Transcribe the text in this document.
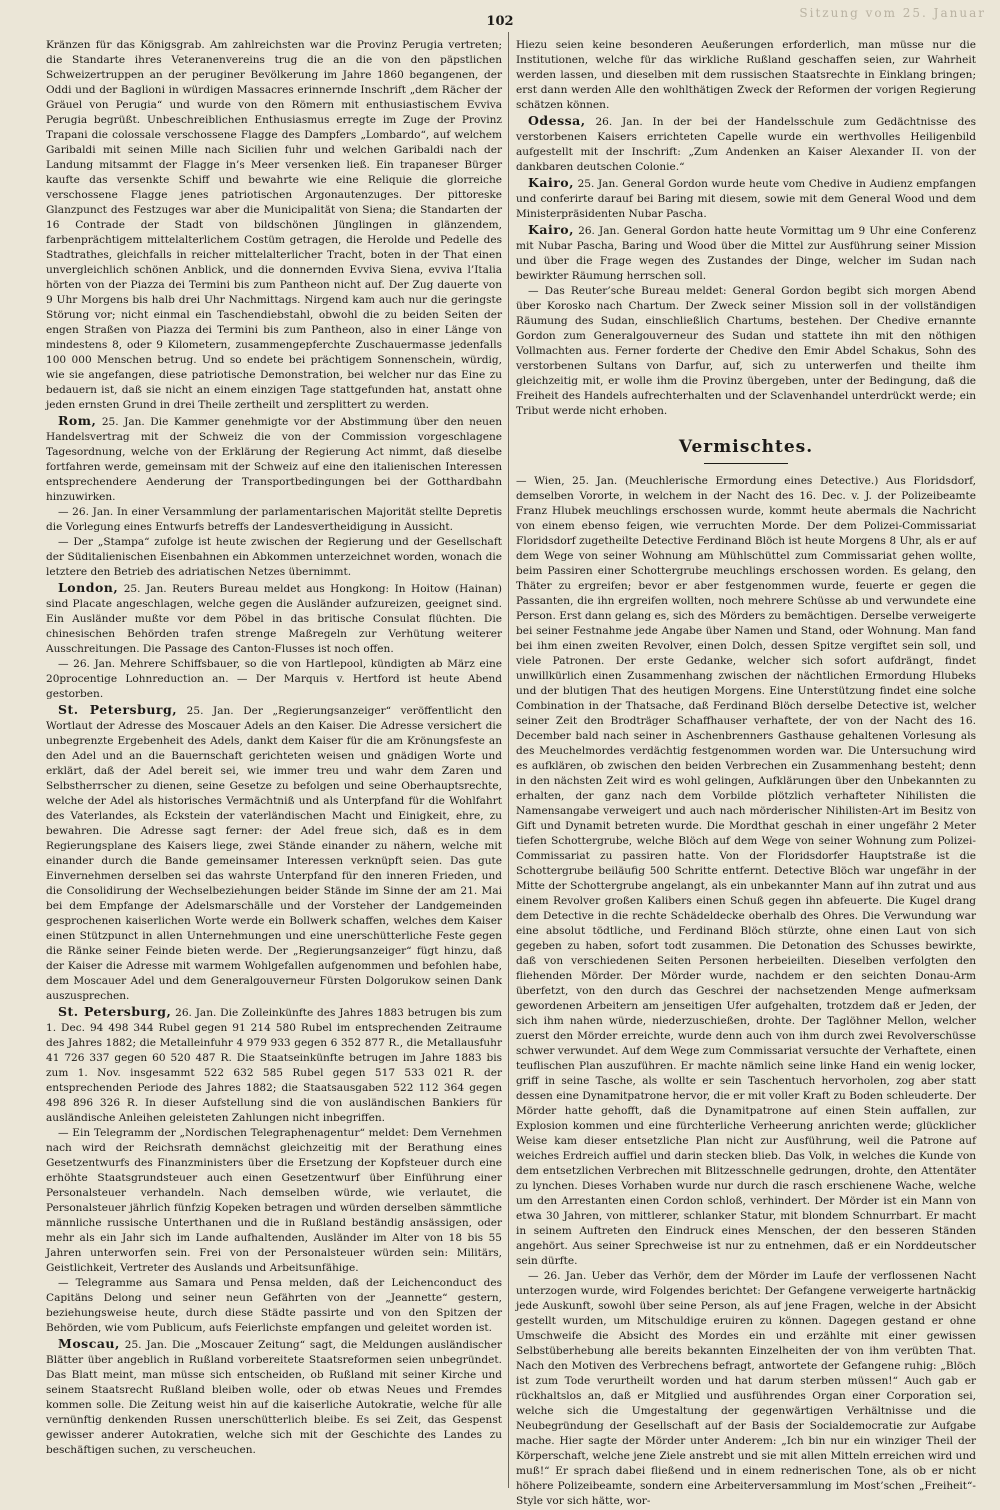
Sitzung vom 25. Januar
102

Kränzen für das Königsgrab. Am zahlreichsten war die Provinz Perugia vertreten; die Standarte ihres Veteranenvereins trug die an die von den päpstlichen Schweizertruppen an der peruginer Bevölkerung im Jahre 1860 begangenen, der Oddi und der Baglioni in würdigen Massacres erinnernde Inschrift „dem Rächer der Gräuel von Perugia“ und wurde von den Römern mit enthusiastischem Evviva Perugia begrüßt. Unbeschreiblichen Enthusiasmus erregte im Zuge der Provinz Trapani die colossale verschossene Flagge des Dampfers „Lombardo“, auf welchem Garibaldi mit seinen Mille nach Sicilien fuhr und welchen Garibaldi nach der Landung mitsammt der Flagge in’s Meer versenken ließ. Ein trapaneser Bürger kaufte das versenkte Schiff und bewahrte wie eine Reliquie die glorreiche verschossene Flagge jenes patriotischen Argonautenzuges. Der pittoreske Glanzpunct des Festzuges war aber die Municipalität von Siena; die Standarten der 16 Contrade der Stadt von bildschönen Jünglingen in glänzendem, farbenprächtigem mittelalterlichem Costüm getragen, die Herolde und Pedelle des Stadtrathes, gleichfalls in reicher mittelalterlicher Tracht, boten in der That einen unvergleichlich schönen Anblick, und die donnernden Evviva Siena, evviva l’Italia hörten von der Piazza dei Termini bis zum Pantheon nicht auf. Der Zug dauerte von 9 Uhr Morgens bis halb drei Uhr Nachmittags. Nirgend kam auch nur die geringste Störung vor; nicht einmal ein Taschendiebstahl, obwohl die zu beiden Seiten der engen Straßen von Piazza dei Termini bis zum Pantheon, also in einer Länge von mindestens 8, oder 9 Kilometern, zusammengepferchte Zuschauermasse jedenfalls 100 000 Menschen betrug. Und so endete bei prächtigem Sonnenschein, würdig, wie sie angefangen, diese patriotische Demonstration, bei welcher nur das Eine zu bedauern ist, daß sie nicht an einem einzigen Tage stattgefunden hat, anstatt ohne jeden ernsten Grund in drei Theile zertheilt und zersplittert zu werden.

Rom, 25. Jan. Die Kammer genehmigte vor der Abstimmung über den neuen Handelsvertrag mit der Schweiz die von der Commission vorgeschlagene Tagesordnung, welche von der Erklärung der Regierung Act nimmt, daß dieselbe fortfahren werde, gemeinsam mit der Schweiz auf eine den italienischen Interessen entsprechendere Aenderung der Transportbedingungen bei der Gotthardbahn hinzuwirken.

— 26. Jan. In einer Versammlung der parlamentarischen Majorität stellte Depretis die Vorlegung eines Entwurfs betreffs der Landesvertheidigung in Aussicht.

— Der „Stampa“ zufolge ist heute zwischen der Regierung und der Gesellschaft der Süditalienischen Eisenbahnen ein Abkommen unterzeichnet worden, wonach die letztere den Betrieb des adriatischen Netzes übernimmt.

London, 25. Jan. Reuters Bureau meldet aus Hongkong: In Hoitow (Hainan) sind Placate angeschlagen, welche gegen die Ausländer aufzureizen, geeignet sind. Ein Ausländer mußte vor dem Pöbel in das britische Consulat flüchten. Die chinesischen Behörden trafen strenge Maßregeln zur Verhütung weiterer Ausschreitungen. Die Passage des Canton-Flusses ist noch offen.

— 26. Jan. Mehrere Schiffsbauer, so die von Hartlepool, kündigten ab März eine 20procentige Lohnreduction an. — Der Marquis v. Hertford ist heute Abend gestorben.

St. Petersburg, 25. Jan. Der „Regierungsanzeiger“ veröffentlicht den Wortlaut der Adresse des Moscauer Adels an den Kaiser. Die Adresse versichert die unbegrenzte Ergebenheit des Adels, dankt dem Kaiser für die am Krönungsfeste an den Adel und an die Bauernschaft gerichteten weisen und gnädigen Worte und erklärt, daß der Adel bereit sei, wie immer treu und wahr dem Zaren und Selbstherrscher zu dienen, seine Gesetze zu befolgen und seine Oberhauptsrechte, welche der Adel als historisches Vermächtniß und als Unterpfand für die Wohlfahrt des Vaterlandes, als Eckstein der vaterländischen Macht und Einigkeit, ehre, zu bewahren. Die Adresse sagt ferner: der Adel freue sich, daß es in dem Regierungsplane des Kaisers liege, zwei Stände einander zu nähern, welche mit einander durch die Bande gemeinsamer Interessen verknüpft seien. Das gute Einvernehmen derselben sei das wahrste Unterpfand für den inneren Frieden, und die Consolidirung der Wechselbeziehungen beider Stände im Sinne der am 21. Mai bei dem Empfange der Adelsmarschälle und der Vorsteher der Landgemeinden gesprochenen kaiserlichen Worte werde ein Bollwerk schaffen, welches dem Kaiser einen Stützpunct in allen Unternehmungen und eine unerschütterliche Feste gegen die Ränke seiner Feinde bieten werde. Der „Regierungsanzeiger“ fügt hinzu, daß der Kaiser die Adresse mit warmem Wohlgefallen aufgenommen und befohlen habe, dem Moscauer Adel und dem Generalgouverneur Fürsten Dolgorukow seinen Dank auszusprechen.

St. Petersburg, 26. Jan. Die Zolleinkünfte des Jahres 1883 betrugen bis zum 1. Dec. 94 498 344 Rubel gegen 91 214 580 Rubel im entsprechenden Zeitraume des Jahres 1882; die Metalleinfuhr 4 979 933 gegen 6 352 877 R., die Metallausfuhr 41 726 337 gegen 60 520 487 R. Die Staatseinkünfte betrugen im Jahre 1883 bis zum 1. Nov. insgesammt 522 632 585 Rubel gegen 517 533 021 R. der entsprechenden Periode des Jahres 1882; die Staatsausgaben 522 112 364 gegen 498 896 326 R. In dieser Aufstellung sind die von ausländischen Bankiers für ausländische Anleihen geleisteten Zahlungen nicht inbegriffen.

— Ein Telegramm der „Nordischen Telegraphenagentur“ meldet: Dem Vernehmen nach wird der Reichsrath demnächst gleichzeitig mit der Berathung eines Gesetzentwurfs des Finanzministers über die Ersetzung der Kopfsteuer durch eine erhöhte Staatsgrundsteuer auch einen Gesetzentwurf über Einführung einer Personalsteuer verhandeln. Nach demselben würde, wie verlautet, die Personalsteuer jährlich fünfzig Kopeken betragen und würden derselben sämmtliche männliche russische Unterthanen und die in Rußland beständig ansässigen, oder mehr als ein Jahr sich im Lande aufhaltenden, Ausländer im Alter von 18 bis 55 Jahren unterworfen sein. Frei von der Personalsteuer würden sein: Militärs, Geistlichkeit, Vertreter des Auslands und Arbeitsunfähige.

— Telegramme aus Samara und Pensa melden, daß der Leichenconduct des Capitäns Delong und seiner neun Gefährten von der „Jeannette“ gestern, beziehungsweise heute, durch diese Städte passirte und von den Spitzen der Behörden, wie vom Publicum, aufs Feierlichste empfangen und geleitet worden ist.

Moscau, 25. Jan. Die „Moscauer Zeitung“ sagt, die Meldungen ausländischer Blätter über angeblich in Rußland vorbereitete Staatsreformen seien unbegründet. Das Blatt meint, man müsse sich entscheiden, ob Rußland mit seiner Kirche und seinem Staatsrecht Rußland bleiben wolle, oder ob etwas Neues und Fremdes kommen solle. Die Zeitung weist hin auf die kaiserliche Autokratie, welche für alle vernünftig denkenden Russen unerschütterlich bleibe. Es sei Zeit, das Gespenst gewisser anderer Autokratien, welche sich mit der Geschichte des Landes zu beschäftigen suchen, zu verscheuchen.

Hiezu seien keine besonderen Aeußerungen erforderlich, man müsse nur die Institutionen, welche für das wirkliche Rußland geschaffen seien, zur Wahrheit werden lassen, und dieselben mit dem russischen Staatsrechte in Einklang bringen; erst dann werden Alle den wohlthätigen Zweck der Reformen der vorigen Regierung schätzen können.

Odessa, 26. Jan. In der bei der Handelsschule zum Gedächtnisse des verstorbenen Kaisers errichteten Capelle wurde ein werthvolles Heiligenbild aufgestellt mit der Inschrift: „Zum Andenken an Kaiser Alexander II. von der dankbaren deutschen Colonie.“

Kairo, 25. Jan. General Gordon wurde heute vom Chedive in Audienz empfangen und conferirte darauf bei Baring mit diesem, sowie mit dem General Wood und dem Ministerpräsidenten Nubar Pascha.

Kairo, 26. Jan. General Gordon hatte heute Vormittag um 9 Uhr eine Conferenz mit Nubar Pascha, Baring und Wood über die Mittel zur Ausführung seiner Mission und über die Frage wegen des Zustandes der Dinge, welcher im Sudan nach bewirkter Räumung herrschen soll.

— Das Reuter’sche Bureau meldet: General Gordon begibt sich morgen Abend über Korosko nach Chartum. Der Zweck seiner Mission soll in der vollständigen Räumung des Sudan, einschließlich Chartums, bestehen. Der Chedive ernannte Gordon zum Generalgouverneur des Sudan und stattete ihn mit den nöthigen Vollmachten aus. Ferner forderte der Chedive den Emir Abdel Schakus, Sohn des verstorbenen Sultans von Darfur, auf, sich zu unterwerfen und theilte ihm gleichzeitig mit, er wolle ihm die Provinz übergeben, unter der Bedingung, daß die Freiheit des Handels aufrechterhalten und der Sclavenhandel unterdrückt werde; ein Tribut werde nicht erhoben.

Vermischtes.

— Wien, 25. Jan. (Meuchlerische Ermordung eines Detective.) Aus Floridsdorf, demselben Vororte, in welchem in der Nacht des 16. Dec. v. J. der Polizeibeamte Franz Hlubek meuchlings erschossen wurde, kommt heute abermals die Nachricht von einem ebenso feigen, wie verruchten Morde. Der dem Polizei-Commissariat Floridsdorf zugetheilte Detective Ferdinand Blöch ist heute Morgens 8 Uhr, als er auf dem Wege von seiner Wohnung am Mühlschüttel zum Commissariat gehen wollte, beim Passiren einer Schottergrube meuchlings erschossen worden. Es gelang, den Thäter zu ergreifen; bevor er aber festgenommen wurde, feuerte er gegen die Passanten, die ihn ergreifen wollten, noch mehrere Schüsse ab und verwundete eine Person. Erst dann gelang es, sich des Mörders zu bemächtigen. Derselbe verweigerte bei seiner Festnahme jede Angabe über Namen und Stand, oder Wohnung. Man fand bei ihm einen zweiten Revolver, einen Dolch, dessen Spitze vergiftet sein soll, und viele Patronen. Der erste Gedanke, welcher sich sofort aufdrängt, findet unwillkürlich einen Zusammenhang zwischen der nächtlichen Ermordung Hlubeks und der blutigen That des heutigen Morgens. Eine Unterstützung findet eine solche Combination in der Thatsache, daß Ferdinand Blöch derselbe Detective ist, welcher seiner Zeit den Brodträger Schaffhauser verhaftete, der von der Nacht des 16. December bald nach seiner in Aschenbrenners Gasthause gehaltenen Vorlesung als des Meuchelmordes verdächtig festgenommen worden war. Die Untersuchung wird es aufklären, ob zwischen den beiden Verbrechen ein Zusammenhang besteht; denn in den nächsten Zeit wird es wohl gelingen, Aufklärungen über den Unbekannten zu erhalten, der ganz nach dem Vorbilde plötzlich verhafteter Nihilisten die Namensangabe verweigert und auch nach mörderischer Nihilisten-Art im Besitz von Gift und Dynamit betreten wurde. Die Mordthat geschah in einer ungefähr 2 Meter tiefen Schottergrube, welche Blöch auf dem Wege von seiner Wohnung zum Polizei-Commissariat zu passiren hatte. Von der Floridsdorfer Hauptstraße ist die Schottergrube beiläufig 500 Schritte entfernt. Detective Blöch war ungefähr in der Mitte der Schottergrube angelangt, als ein unbekannter Mann auf ihn zutrat und aus einem Revolver großen Kalibers einen Schuß gegen ihn abfeuerte. Die Kugel drang dem Detective in die rechte Schädeldecke oberhalb des Ohres. Die Verwundung war eine absolut tödtliche, und Ferdinand Blöch stürzte, ohne einen Laut von sich gegeben zu haben, sofort todt zusammen. Die Detonation des Schusses bewirkte, daß von verschiedenen Seiten Personen herbeieilten. Dieselben verfolgten den fliehenden Mörder. Der Mörder wurde, nachdem er den seichten Donau-Arm überfetzt, von den durch das Geschrei der nachsetzenden Menge aufmerksam gewordenen Arbeitern am jenseitigen Ufer aufgehalten, trotzdem daß er Jeden, der sich ihm nahen würde, niederzuschießen, drohte. Der Taglöhner Mellon, welcher zuerst den Mörder erreichte, wurde denn auch von ihm durch zwei Revolverschüsse schwer verwundet. Auf dem Wege zum Commissariat versuchte der Verhaftete, einen teuflischen Plan auszuführen. Er machte nämlich seine linke Hand ein wenig locker, griff in seine Tasche, als wollte er sein Taschentuch hervorholen, zog aber statt dessen eine Dynamitpatrone hervor, die er mit voller Kraft zu Boden schleuderte. Der Mörder hatte gehofft, daß die Dynamitpatrone auf einen Stein auffallen, zur Explosion kommen und eine fürchterliche Verheerung anrichten werde; glücklicher Weise kam dieser entsetzliche Plan nicht zur Ausführung, weil die Patrone auf weiches Erdreich auffiel und darin stecken blieb. Das Volk, in welches die Kunde von dem entsetzlichen Verbrechen mit Blitzesschnelle gedrungen, drohte, den Attentäter zu lynchen. Dieses Vorhaben wurde nur durch die rasch erschienene Wache, welche um den Arrestanten einen Cordon schloß, verhindert. Der Mörder ist ein Mann von etwa 30 Jahren, von mittlerer, schlanker Statur, mit blondem Schnurrbart. Er macht in seinem Auftreten den Eindruck eines Menschen, der den besseren Ständen angehört. Aus seiner Sprechweise ist nur zu entnehmen, daß er ein Norddeutscher sein dürfte.

— 26. Jan. Ueber das Verhör, dem der Mörder im Laufe der verflossenen Nacht unterzogen wurde, wird Folgendes berichtet: Der Gefangene verweigerte hartnäckig jede Auskunft, sowohl über seine Person, als auf jene Fragen, welche in der Absicht gestellt wurden, um Mitschuldige eruiren zu können. Dagegen gestand er ohne Umschweife die Absicht des Mordes ein und erzählte mit einer gewissen Selbstüberhebung alle bereits bekannten Einzelheiten der von ihm verübten That. Nach den Motiven des Verbrechens befragt, antwortete der Gefangene ruhig: „Blöch ist zum Tode verurtheilt worden und hat darum sterben müssen!“ Auch gab er rückhaltslos an, daß er Mitglied und ausführendes Organ einer Corporation sei, welche sich die Umgestaltung der gegenwärtigen Verhältnisse und die Neubegründung der Gesellschaft auf der Basis der Socialdemocratie zur Aufgabe mache. Hier sagte der Mörder unter Anderem: „Ich bin nur ein winziger Theil der Körperschaft, welche jene Ziele anstrebt und sie mit allen Mitteln erreichen wird und muß!“ Er sprach dabei fließend und in einem rednerischen Tone, als ob er nicht höhere Polizeibeamte, sondern eine Arbeiterversammlung im Most’schen „Freiheit“-Style vor sich hätte, wor-
